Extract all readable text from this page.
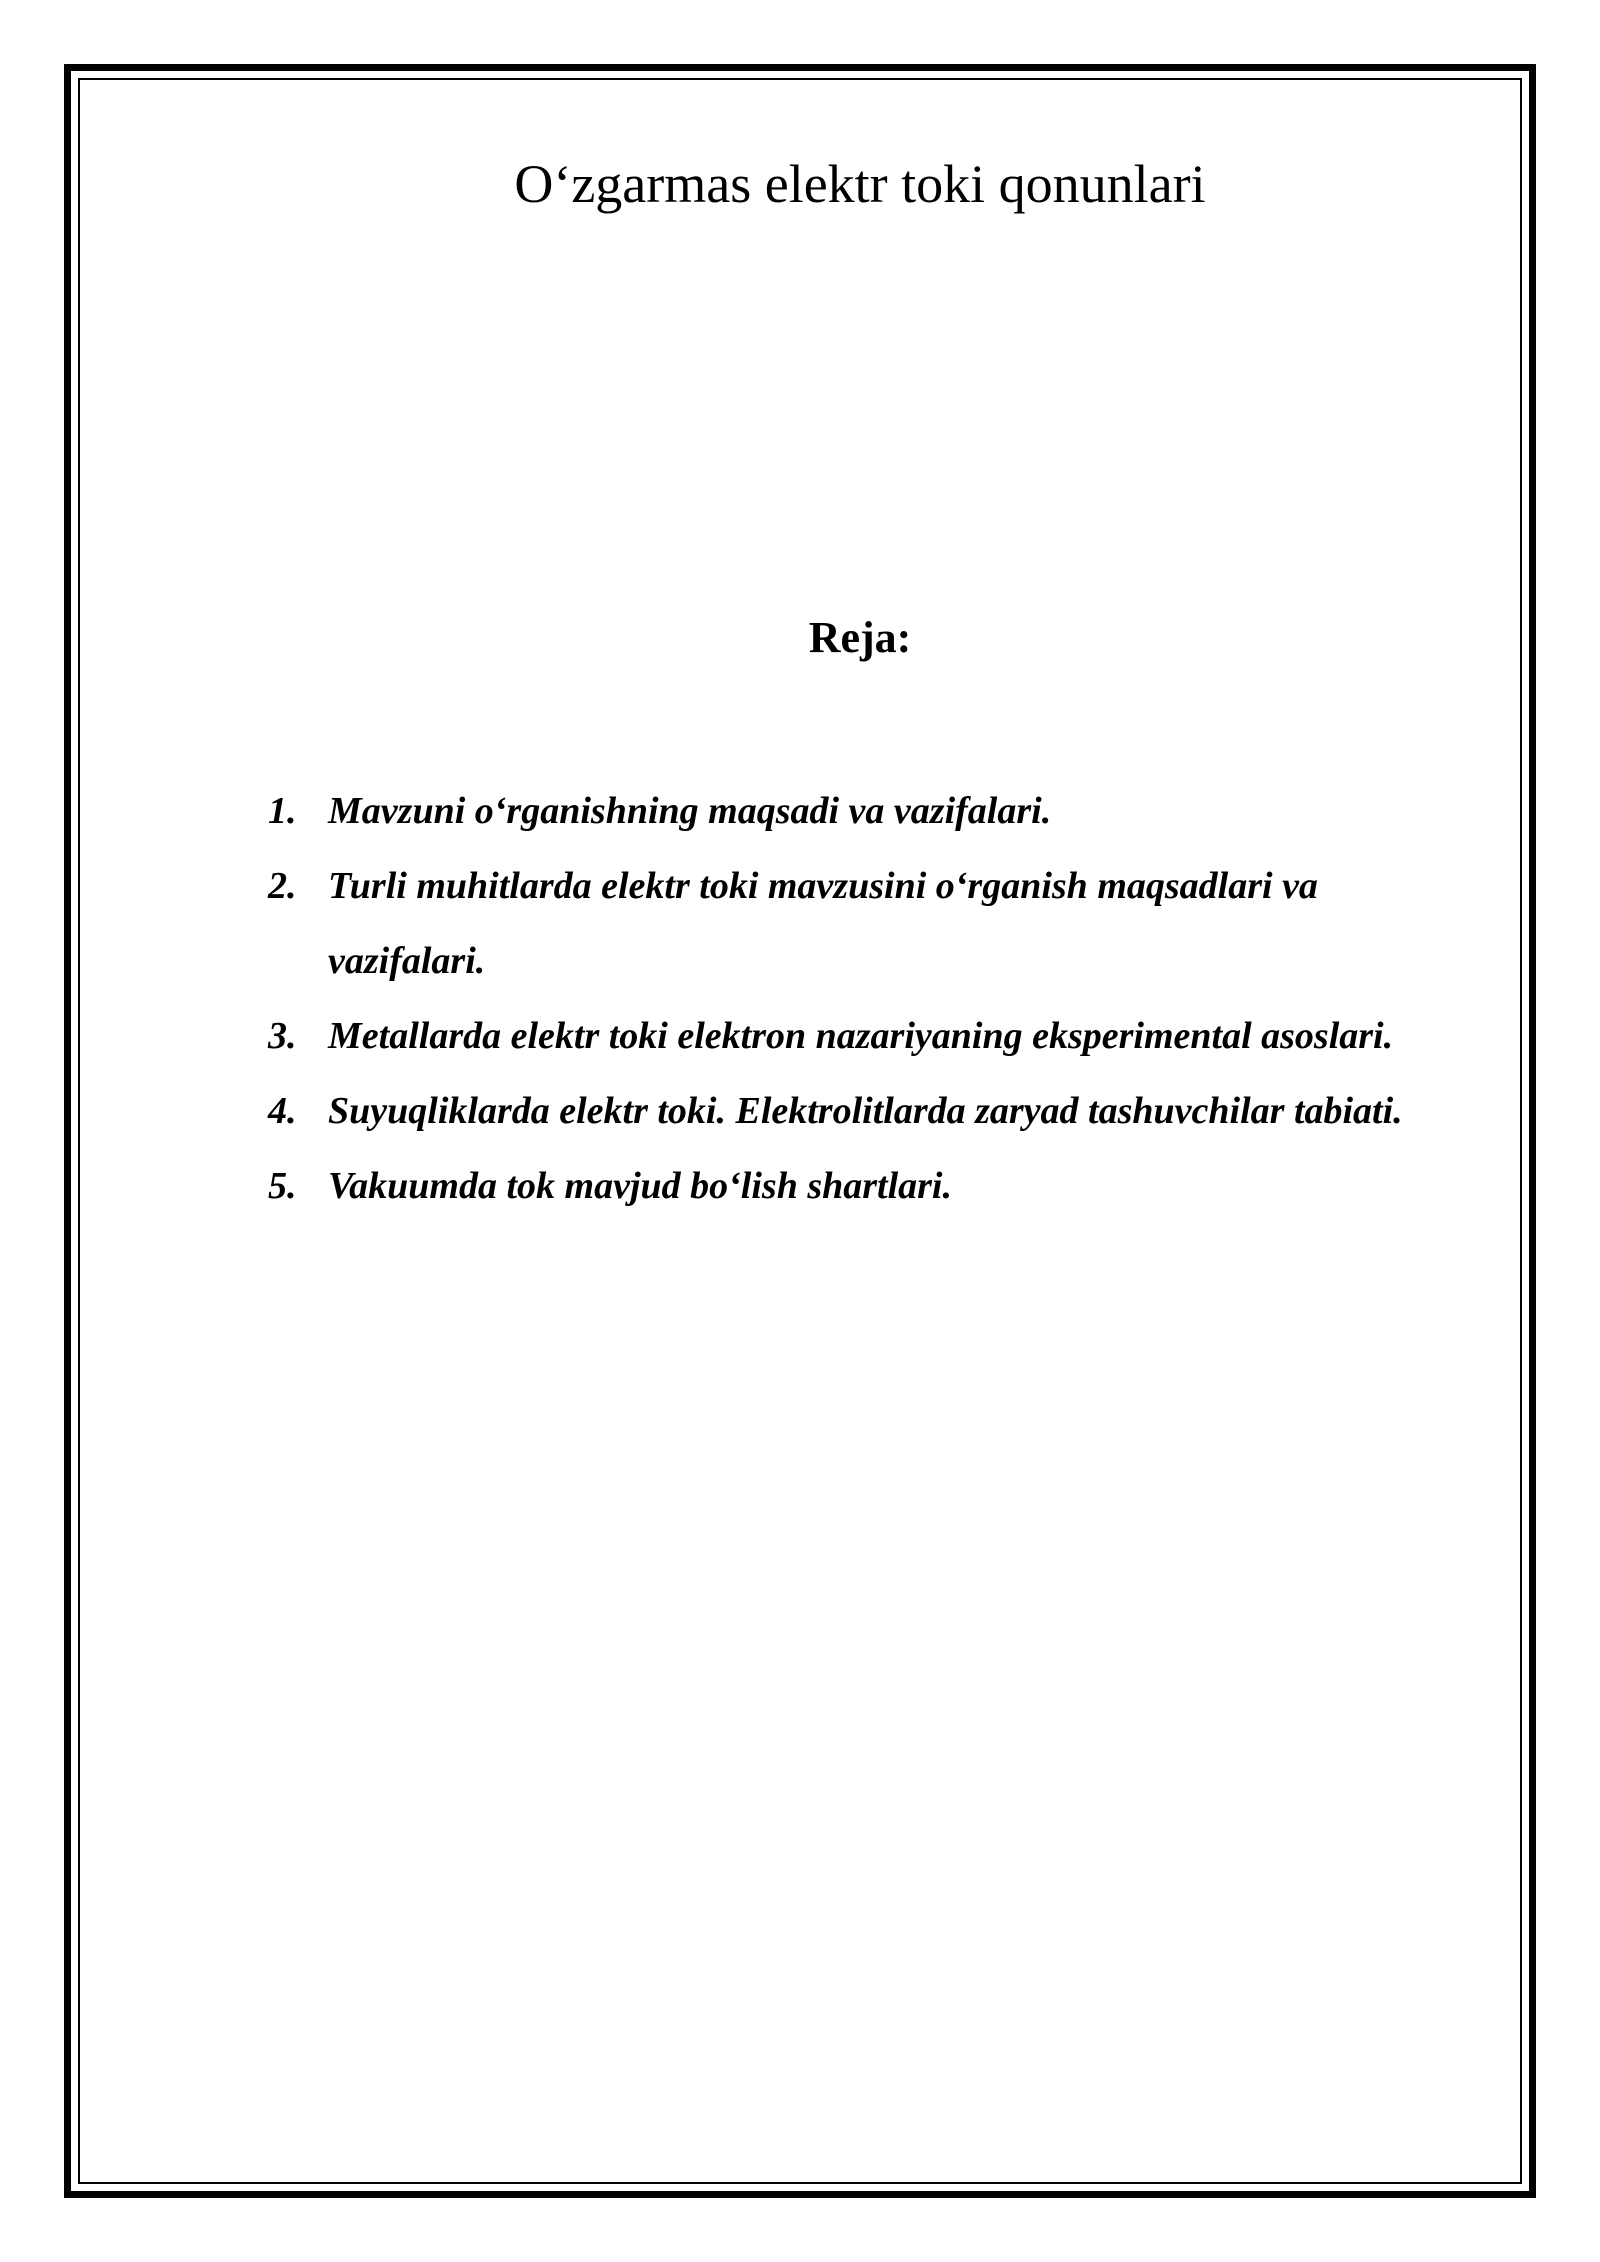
O‘zgarmas elektr toki qonunlari
Reja:
1. Mavzuni o‘rganishning maqsadi va vazifalari.
2. Turli muhitlarda elektr toki mavzusini o‘rganish maqsadlari va vazifalari.
3. Metallarda elektr toki elektron nazariyaning eksperimental asoslari.
4. Suyuqliklarda elektr toki. Elektrolitlarda zaryad tashuvchilar tabiati.
5. Vakuumda tok mavjud bo‘lish shartlari.
